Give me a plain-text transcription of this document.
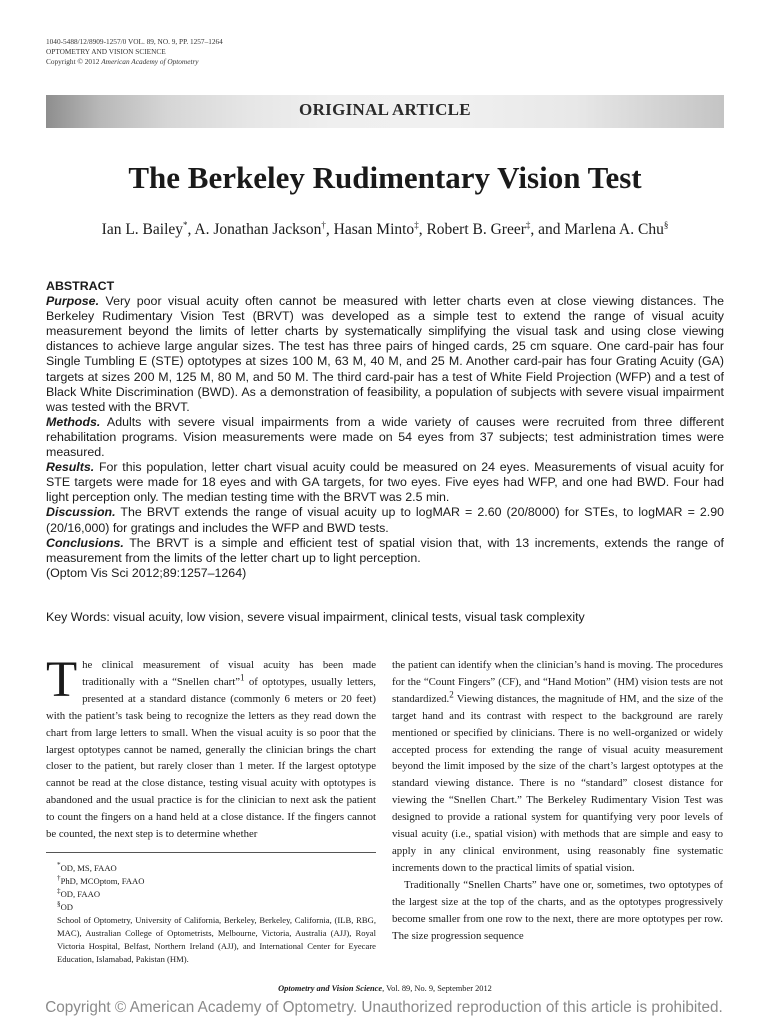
1040-5488/12/8909-1257/0 VOL. 89, NO. 9, PP. 1257–1264
OPTOMETRY AND VISION SCIENCE
Copyright © 2012 American Academy of Optometry
ORIGINAL ARTICLE
The Berkeley Rudimentary Vision Test
Ian L. Bailey*, A. Jonathan Jackson†, Hasan Minto‡, Robert B. Greer‡, and Marlena A. Chu§
ABSTRACT

Purpose. Very poor visual acuity often cannot be measured with letter charts even at close viewing distances. The Berkeley Rudimentary Vision Test (BRVT) was developed as a simple test to extend the range of visual acuity measurement beyond the limits of letter charts by systematically simplifying the visual task and using close viewing distances to achieve large angular sizes. The test has three pairs of hinged cards, 25 cm square. One card-pair has four Single Tumbling E (STE) optotypes at sizes 100 M, 63 M, 40 M, and 25 M. Another card-pair has four Grating Acuity (GA) targets at sizes 200 M, 125 M, 80 M, and 50 M. The third card-pair has a test of White Field Projection (WFP) and a test of Black White Discrimination (BWD). As a demonstration of feasibility, a population of subjects with severe visual impairment was tested with the BRVT.

Methods. Adults with severe visual impairments from a wide variety of causes were recruited from three different rehabilitation programs. Vision measurements were made on 54 eyes from 37 subjects; test administration times were measured.

Results. For this population, letter chart visual acuity could be measured on 24 eyes. Measurements of visual acuity for STE targets were made for 18 eyes and with GA targets, for two eyes. Five eyes had WFP, and one had BWD. Four had light perception only. The median testing time with the BRVT was 2.5 min.

Discussion. The BRVT extends the range of visual acuity up to logMAR = 2.60 (20/8000) for STEs, to logMAR = 2.90 (20/16,000) for gratings and includes the WFP and BWD tests.

Conclusions. The BRVT is a simple and efficient test of spatial vision that, with 13 increments, extends the range of measurement from the limits of the letter chart up to light perception.

(Optom Vis Sci 2012;89:1257–1264)

Key Words: visual acuity, low vision, severe visual impairment, clinical tests, visual task complexity

The clinical measurement of visual acuity has been made traditionally with a “Snellen chart”$^1$ of optotypes, usually letters, presented at a standard distance (commonly 6 meters or 20 feet) with the patient’s task being to recognize the letters as they read down the chart from large letters to small. When the visual acuity is so poor that the largest optotypes cannot be named, generally the clinician brings the chart closer to the patient, but rarely closer than 1 meter. If the largest optotype cannot be read at the close distance, testing visual acuity with optotypes is abandoned and the usual practice is for the clinician to next ask the patient to count the fingers on a hand held at a close distance. If the fingers cannot be counted, the next step is to determine whether

*OD, MS, FAAO

†PhD, MCOptom, FAAO

‡OD, FAAO

§OD

School of Optometry, University of California, Berkeley, Berkeley, California, (ILB, RBG, MAC), Australian College of Optometrists, Melbourne, Victoria, Australia (AJJ), Royal Victoria Hospital, Belfast, Northern Ireland (AJJ), and International Center for Eyecare Education, Islamabad, Pakistan (HM).

the patient can identify when the clinician’s hand is moving. The procedures for the “Count Fingers” (CF), and “Hand Motion” (HM) vision tests are not standardized.$^2$ Viewing distances, the magnitude of HM, and the size of the target hand and its contrast with respect to the background are rarely mentioned or specified by clinicians. There is no well-organized or widely accepted process for extending the range of visual acuity measurement beyond the limit imposed by the size of the chart’s largest optotypes at the standard viewing distance. There is no “standard” closest distance for viewing the “Snellen Chart.” The Berkeley Rudimentary Vision Test was designed to provide a rational system for quantifying very poor levels of visual acuity (i.e., spatial vision) with methods that are simple and easy to apply in any clinical environment, using reasonably fine systematic increments down to the practical limits of spatial vision.

Traditionally “Snellen Charts” have one or, sometimes, two optotypes of the largest size at the top of the charts, and as the optotypes progressively become smaller from one row to the next, there are more optotypes per row. The size progression sequence

Optometry and Vision Science, Vol. 89, No. 9, September 2012
Copyright © American Academy of Optometry. Unauthorized reproduction of this article is prohibited.
